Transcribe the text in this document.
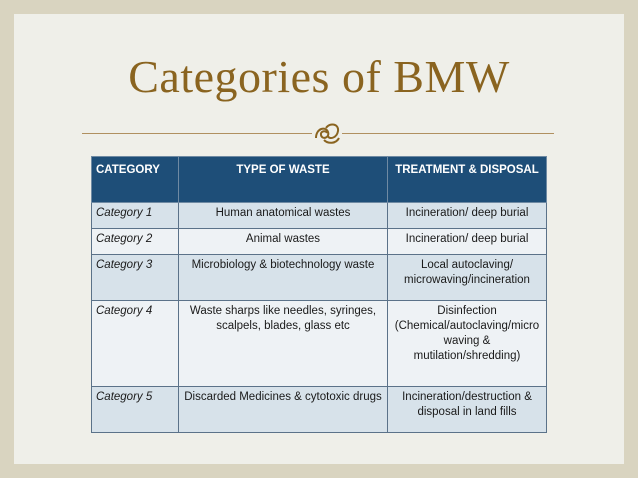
Categories of BMW
CATEGORY	TYPE OF WASTE	TREATMENT & DISPOSAL
Category 1	Human anatomical wastes	Incineration/ deep burial
Category 2	Animal wastes	Incineration/ deep burial
Category 3	Microbiology & biotechnology waste	Local autoclaving/
microwaving/incineration
Category 4	Waste sharps like needles, syringes,
scalpels, blades, glass etc	Disinfection
(Chemical/autoclaving/micro
waving &
mutilation/shredding)
Category 5	Discarded Medicines & cytotoxic drugs	Incineration/destruction &
disposal in land fills
